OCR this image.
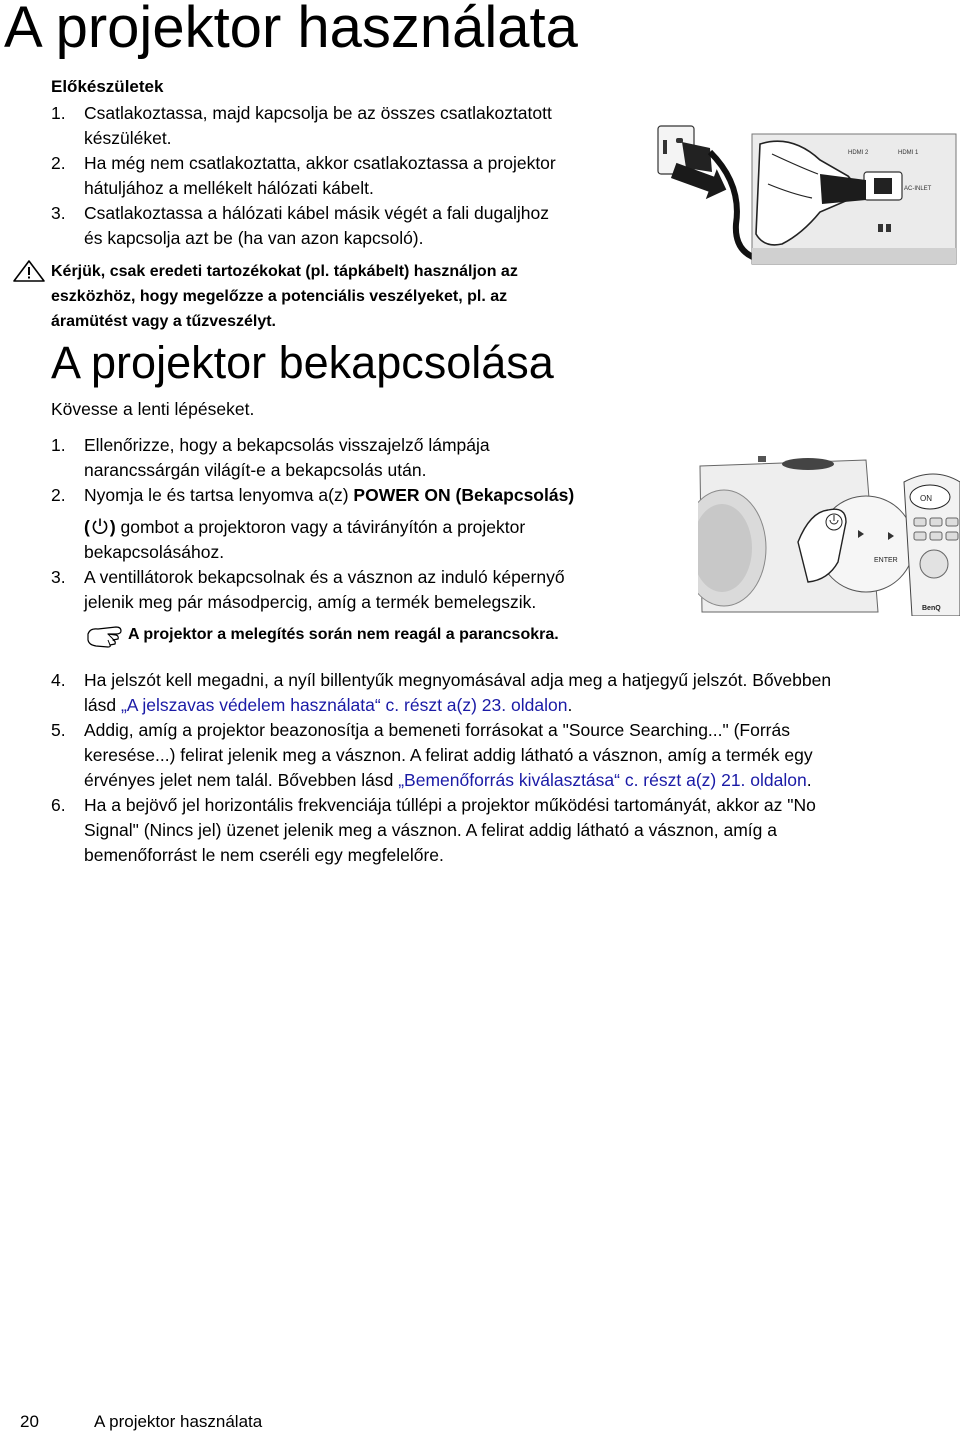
A projektor használata
Előkészületek
1. Csatlakoztassa, majd kapcsolja be az összes csatlakoztatott
készüléket.
2. Ha még nem csatlakoztatta, akkor csatlakoztassa a projektor
hátuljához a mellékelt hálózati kábelt.
3. Csatlakoztassa a hálózati kábel másik végét a fali dugaljhoz
és kapcsolja azt be (ha van azon kapcsoló).
Kérjük, csak eredeti tartozékokat (pl. tápkábelt) használjon az
eszközhöz, hogy megelőzze a potenciális veszélyeket, pl. az
áramütést vagy a tűzveszélyt.
HDMI 2	HDMI 1
AC-INLET
A projektor bekapcsolása
Kövesse a lenti lépéseket.
1. Ellenőrizze, hogy a bekapcsolás visszajelző lámpája
narancssárgán világít-e a bekapcsolás után.
2. Nyomja le és tartsa lenyomva a(z) POWER ON (Bekapcsolás)
( ) gombot a projektoron vagy a távirányítón a projektor
bekapcsolásához.
3. A ventillátorok bekapcsolnak és a vásznon az induló képernyő
jelenik meg pár másodpercig, amíg a termék bemelegszik.
ENTER
ON
BenQ
A projektor a melegítés során nem reagál a parancsokra.
4. Ha jelszót kell megadni, a nyíl billentyűk megnyomásával adja meg a hatjegyű jelszót. Bővebben
lásd „A jelszavas védelem használata“ c. részt a(z) 23. oldalon.
5. Addig, amíg a projektor beazonosítja a bemeneti forrásokat a "Source Searching..." (Forrás
keresése...) felirat jelenik meg a vásznon. A felirat addig látható a vásznon, amíg a termék egy
érvényes jelet nem talál. Bővebben lásd „Bemenőforrás kiválasztása“ c. részt a(z) 21. oldalon.
6. Ha a bejövő jel horizontális frekvenciája túllépi a projektor működési tartományát, akkor az "No
Signal" (Nincs jel) üzenet jelenik meg a vásznon. A felirat addig látható a vásznon, amíg a
bemenőforrást le nem cseréli egy megfelelőre.
20	A projektor használata
